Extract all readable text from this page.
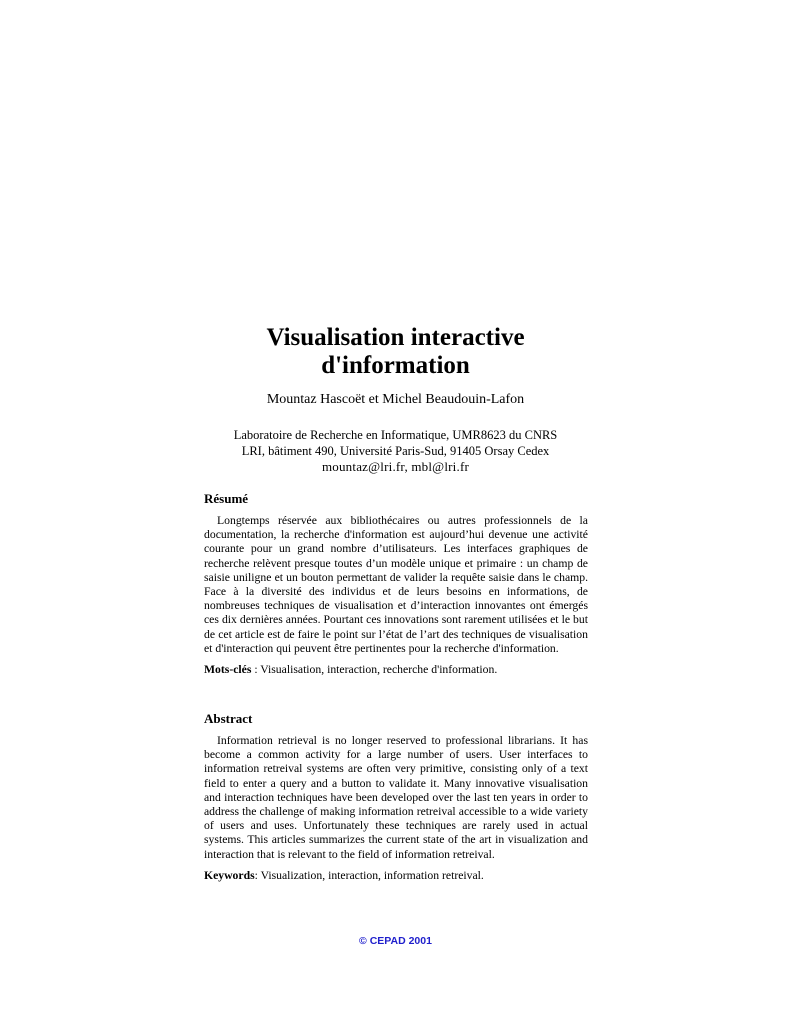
Visualisation interactive
d'information
Mountaz Hascoët et Michel Beaudouin-Lafon
Laboratoire de Recherche en Informatique, UMR8623 du CNRS
LRI, bâtiment 490, Université Paris-Sud, 91405 Orsay Cedex
mountaz@lri.fr, mbl@lri.fr
Résumé

Longtemps réservée aux bibliothécaires ou autres professionnels de la documentation, la recherche d'information est aujourd’hui devenue une activité courante pour un grand nombre d’utilisateurs. Les interfaces graphiques de recherche relèvent presque toutes d’un modèle unique et primaire : un champ de saisie uniligne et un bouton permettant de valider la requête saisie dans le champ. Face à la diversité des individus et de leurs besoins en informations, de nombreuses techniques de visualisation et d’interaction innovantes ont émergés ces dix dernières années. Pourtant ces innovations sont rarement utilisées et le but de cet article est de faire le point sur l’état de l’art des techniques de visualisation et d'interaction qui peuvent être pertinentes pour la recherche d'information.

Mots-clés : Visualisation, interaction, recherche d'information.

Abstract

Information retrieval is no longer reserved to professional librarians. It has become a common activity for a large number of users. User interfaces to information retreival systems are often very primitive, consisting only of a text field to enter a query and a button to validate it. Many innovative visualisation and interaction techniques have been developed over the last ten years in order to address the challenge of making information retreival accessible to a wide variety of users and uses. Unfortunately these techniques are rarely used in actual systems. This articles summarizes the current state of the art in visualization and interaction that is relevant to the field of information retreival.

Keywords: Visualization, interaction, information retreival.

© CEPAD 2001
